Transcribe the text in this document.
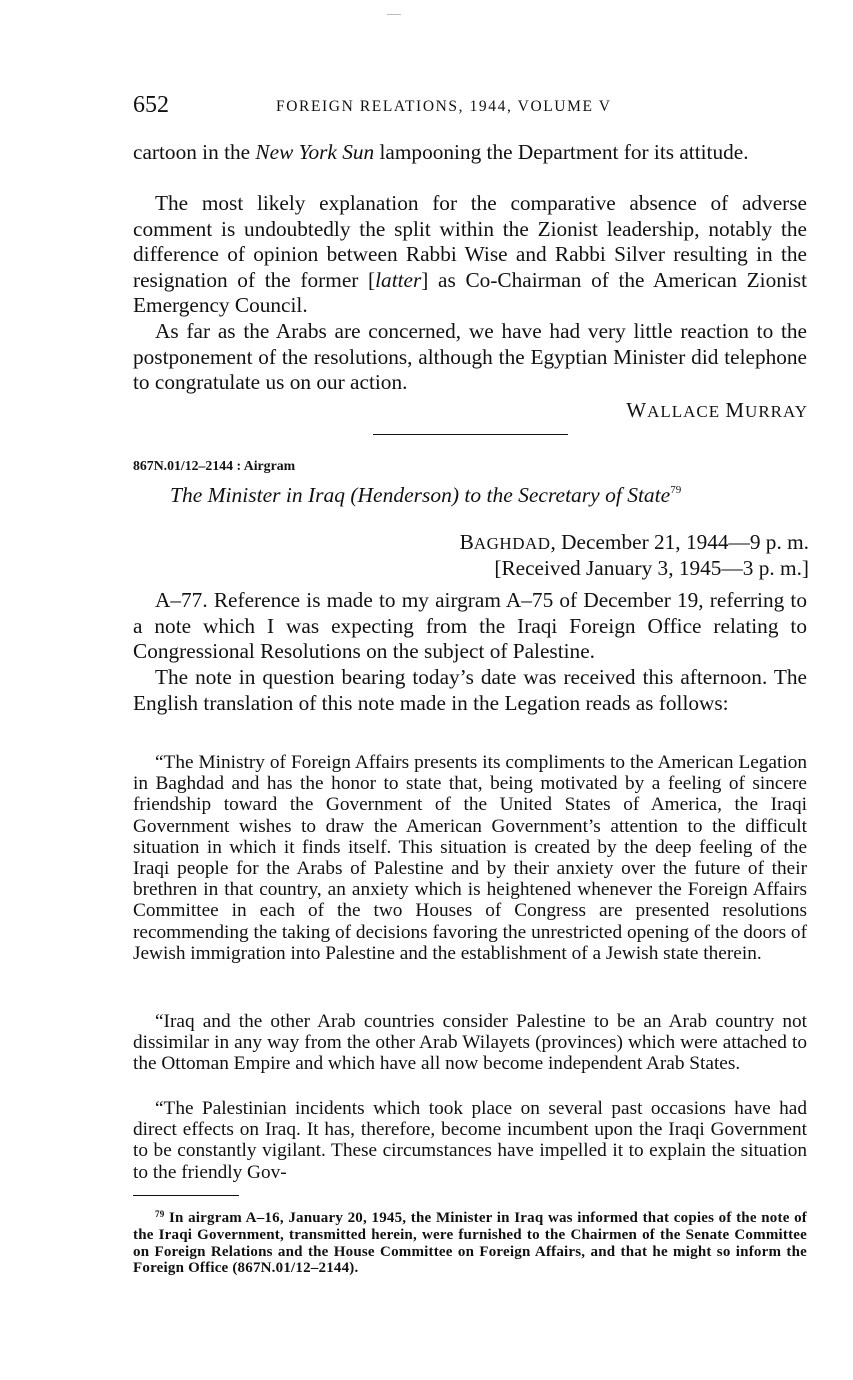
652	FOREIGN RELATIONS, 1944, VOLUME V

cartoon in the New York Sun lampooning the Department for its attitude.

The most likely explanation for the comparative absence of adverse comment is undoubtedly the split within the Zionist leadership, notably the difference of opinion between Rabbi Wise and Rabbi Silver resulting in the resignation of the former [latter] as Co-Chairman of the American Zionist Emergency Council.

As far as the Arabs are concerned, we have had very little reaction to the postponement of the resolutions, although the Egyptian Minister did telephone to congratulate us on our action.

WALLACE MURRAY
867N.01/12–2144 : Airgram
The Minister in Iraq (Henderson) to the Secretary of State$^{79}$
BAGHDAD, December 21, 1944—9 p. m.
[Received January 3, 1945—3 p. m.]

A–77. Reference is made to my airgram A–75 of December 19, referring to a note which I was expecting from the Iraqi Foreign Office relating to Congressional Resolutions on the subject of Palestine.

The note in question bearing today’s date was received this afternoon. The English translation of this note made in the Legation reads as follows:

“The Ministry of Foreign Affairs presents its compliments to the American Legation in Baghdad and has the honor to state that, being motivated by a feeling of sincere friendship toward the Government of the United States of America, the Iraqi Government wishes to draw the American Government’s attention to the difficult situation in which it finds itself. This situation is created by the deep feeling of the Iraqi people for the Arabs of Palestine and by their anxiety over the future of their brethren in that country, an anxiety which is heightened whenever the Foreign Affairs Committee in each of the two Houses of Congress are presented resolutions recommending the taking of decisions favoring the unrestricted opening of the doors of Jewish immigration into Palestine and the establishment of a Jewish state therein.

“Iraq and the other Arab countries consider Palestine to be an Arab country not dissimilar in any way from the other Arab Wilayets (provinces) which were attached to the Ottoman Empire and which have all now become independent Arab States.

“The Palestinian incidents which took place on several past occasions have had direct effects on Iraq. It has, therefore, become incumbent upon the Iraqi Government to be constantly vigilant. These circumstances have impelled it to explain the situation to the friendly Gov-

$^{79}$ In airgram A–16, January 20, 1945, the Minister in Iraq was informed that copies of the note of the Iraqi Government, transmitted herein, were furnished to the Chairmen of the Senate Committee on Foreign Relations and the House Committee on Foreign Affairs, and that he might so inform the Foreign Office (867N.01/12–2144).
